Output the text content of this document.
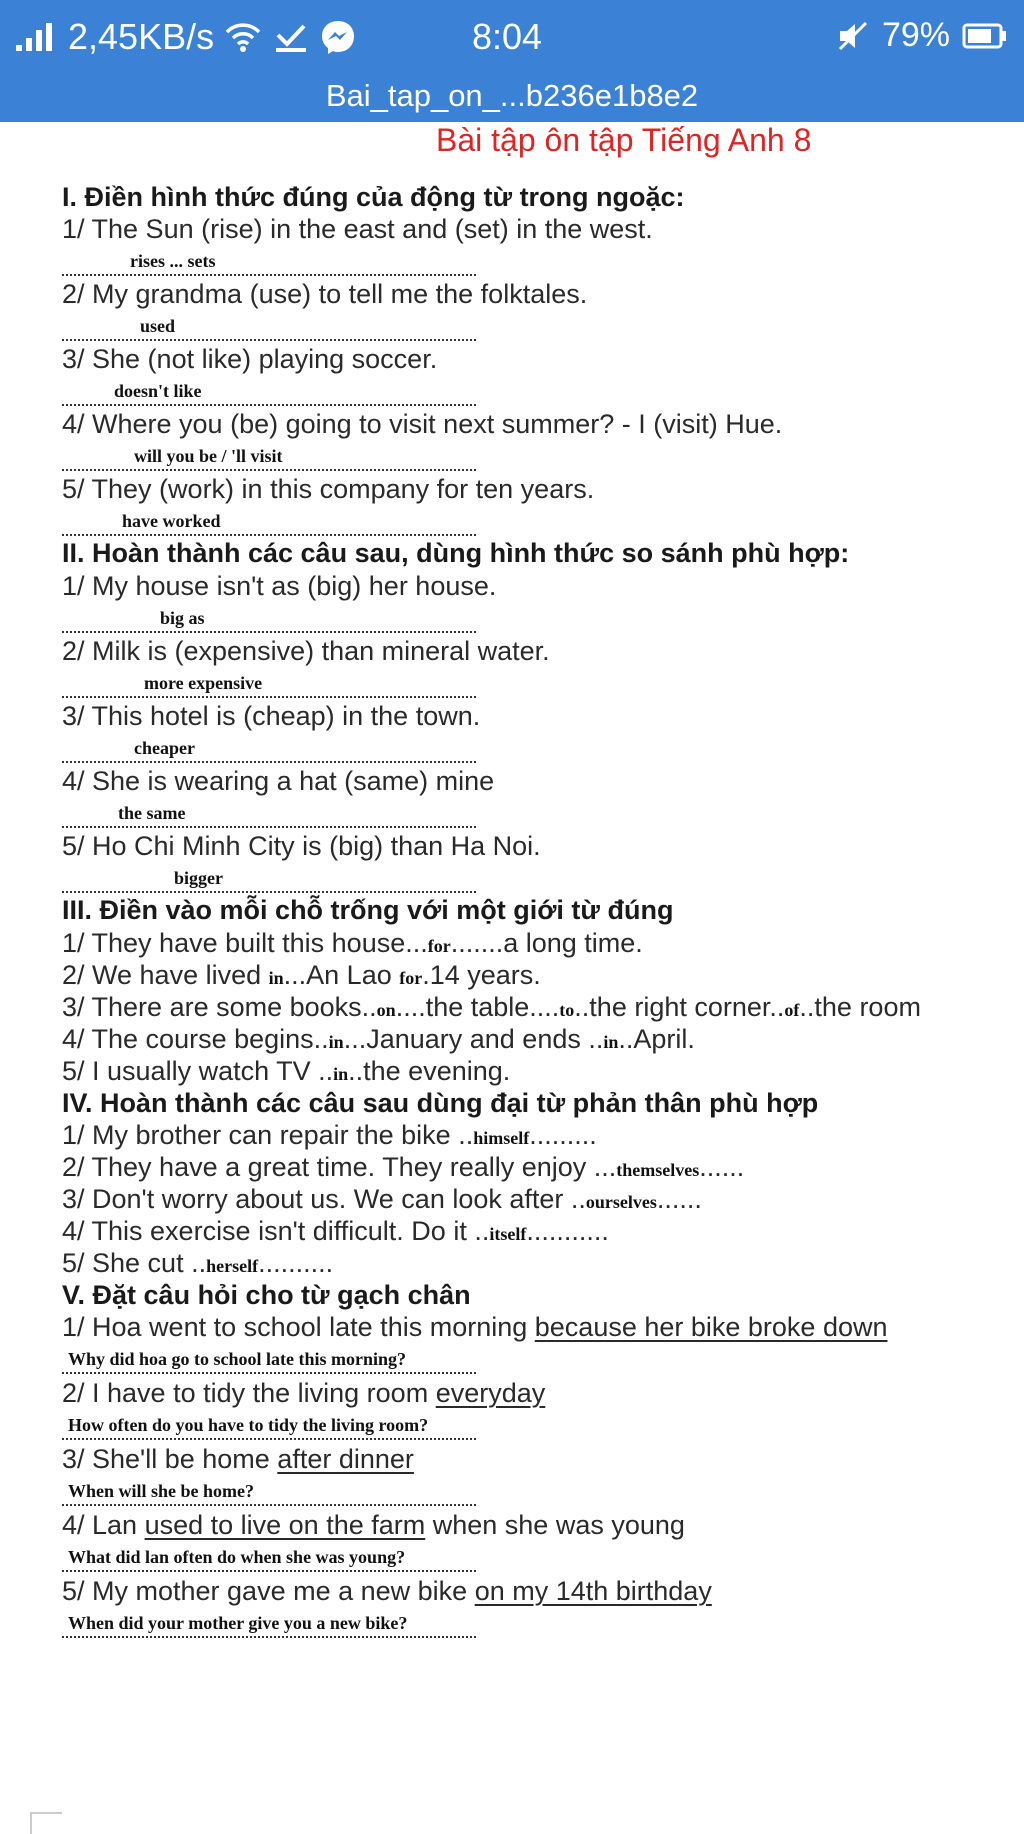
2,45KB/s	8:04	79%
Bai_tap_on_...b236e1b8e2
Bài tập ôn tập Tiếng Anh 8
I. Điền hình thức đúng của động từ trong ngoặc:
1/ The Sun (rise) in the east and (set) in the west.
rises ... sets
2/ My grandma (use) to tell me the folktales.
used
3/ She (not like) playing soccer.
doesn't like
4/ Where you (be) going to visit next summer? - I (visit) Hue.
will you be / 'll visit
5/ They (work) in this company for ten years.
have worked
II. Hoàn thành các câu sau, dùng hình thức so sánh phù hợp:
1/ My house isn't as (big) her house.
big as
2/ Milk is (expensive) than mineral water.
more expensive
3/ This hotel is (cheap) in the town.
cheaper
4/ She is wearing a hat (same) mine
the same
5/ Ho Chi Minh City is (big) than Ha Noi.
bigger
III. Điền vào mỗi chỗ trống với một giới từ đúng
1/ They have built this house...for.......a long time.
2/ We have lived in...An Lao for.14 years.
3/ There are some books..on....the table....to..the right corner..of..the room
4/ The course begins..in...January and ends ..in..April.
5/ I usually watch TV ..in..the evening.
IV. Hoàn thành các câu sau dùng đại từ phản thân phù hợp
1/ My brother can repair the bike ..himself.........
2/ They have a great time. They really enjoy ...themselves......
3/ Don't worry about us. We can look after ..ourselves......
4/ This exercise isn't difficult. Do it ..itself...........
5/ She cut ..herself..........
V. Đặt câu hỏi cho từ gạch chân
1/ Hoa went to school late this morning because her bike broke down
Why did hoa go to school late this morning?
2/ I have to tidy the living room everyday
How often do you have to tidy the living room?
3/ She'll be home after dinner
When will she be home?
4/ Lan used to live on the farm when she was young
What did lan often do when she was young?
5/ My mother gave me a new bike on my 14th birthday
When did your mother give you a new bike?
